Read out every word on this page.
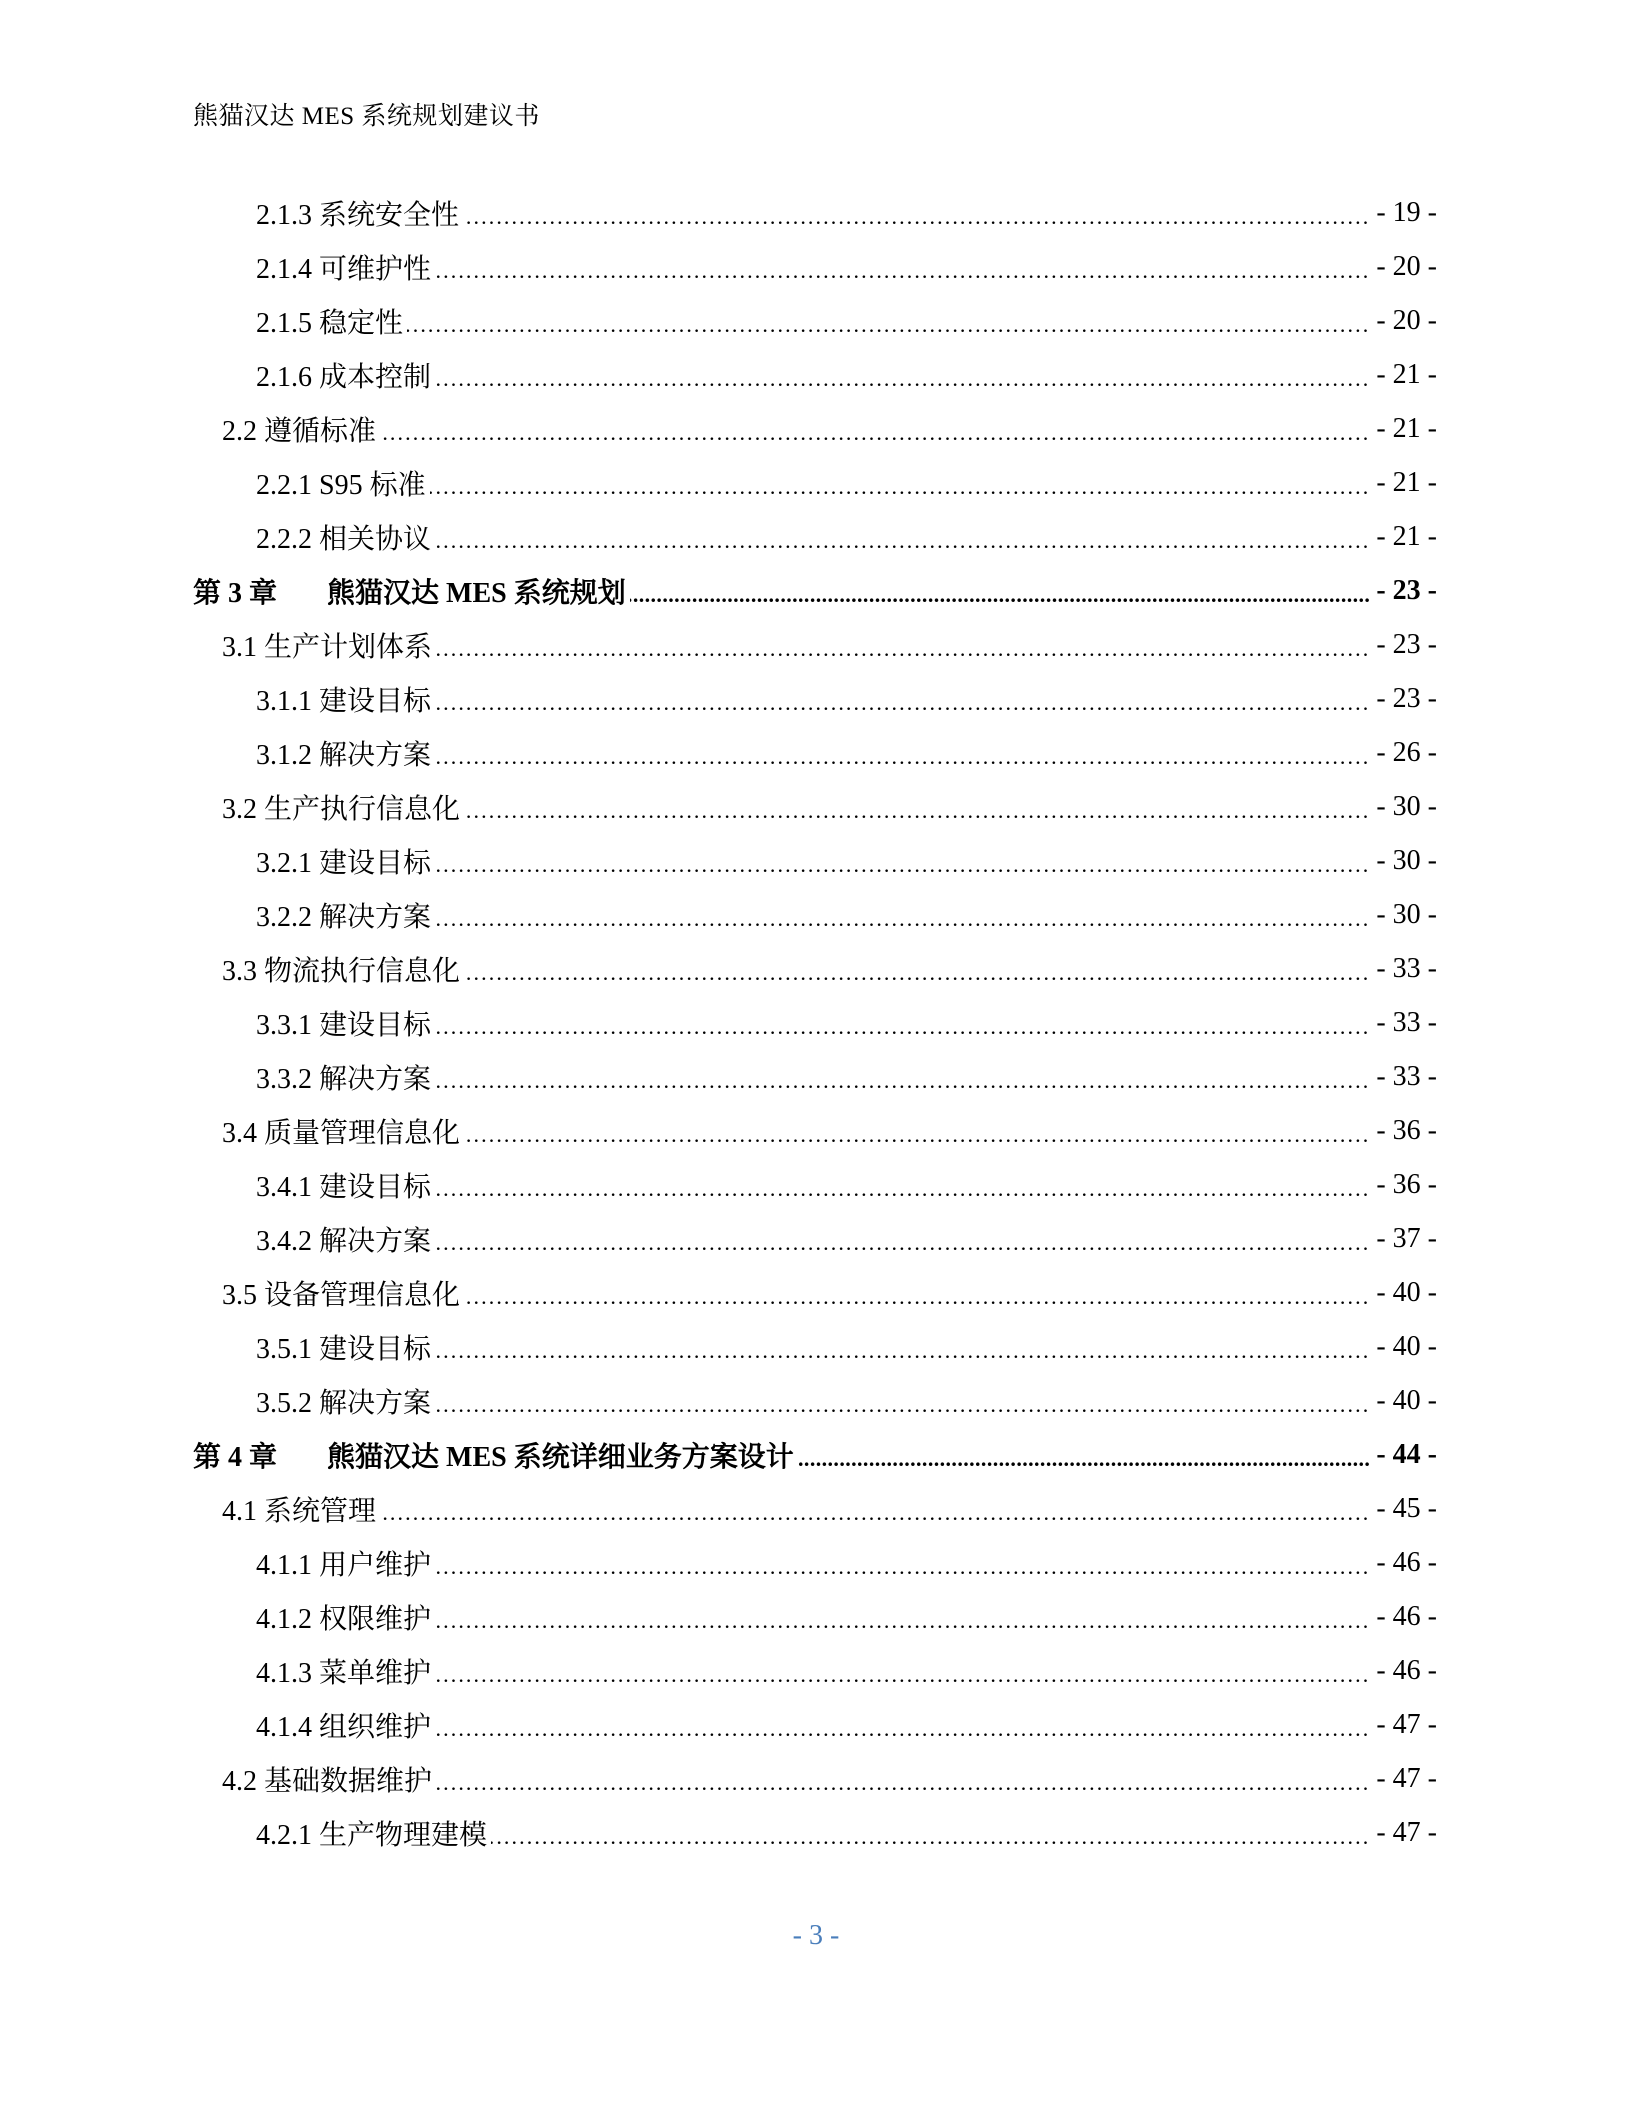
熊猫汉达 MES 系统规划建议书
2.1.3 系统安全性 .....	- 19 -
2.1.4 可维护性 .....	- 20 -
2.1.5 稳定性 .....	- 20 -
2.1.6 成本控制 .....	- 21 -
2.2 遵循标准 .....	- 21 -
2.2.1 S95 标准 .....	- 21 -
2.2.2 相关协议 .....	- 21 -
第 3 章 熊猫汉达 MES 系统规划 .....	- 23 -
3.1 生产计划体系 .....	- 23 -
3.1.1 建设目标 .....	- 23 -
3.1.2 解决方案 .....	- 26 -
3.2 生产执行信息化 .....	- 30 -
3.2.1 建设目标 .....	- 30 -
3.2.2 解决方案 .....	- 30 -
3.3 物流执行信息化 .....	- 33 -
3.3.1 建设目标 .....	- 33 -
3.3.2 解决方案 .....	- 33 -
3.4 质量管理信息化 .....	- 36 -
3.4.1 建设目标 .....	- 36 -
3.4.2 解决方案 .....	- 37 -
3.5 设备管理信息化 .....	- 40 -
3.5.1 建设目标 .....	- 40 -
3.5.2 解决方案 .....	- 40 -
第 4 章 熊猫汉达 MES 系统详细业务方案设计 .....	- 44 -
4.1 系统管理 .....	- 45 -
4.1.1 用户维护 .....	- 46 -
4.1.2 权限维护 .....	- 46 -
4.1.3 菜单维护 .....	- 46 -
4.1.4 组织维护 .....	- 47 -
4.2 基础数据维护 .....	- 47 -
4.2.1 生产物理建模 .....	- 47 -
- 3 -
